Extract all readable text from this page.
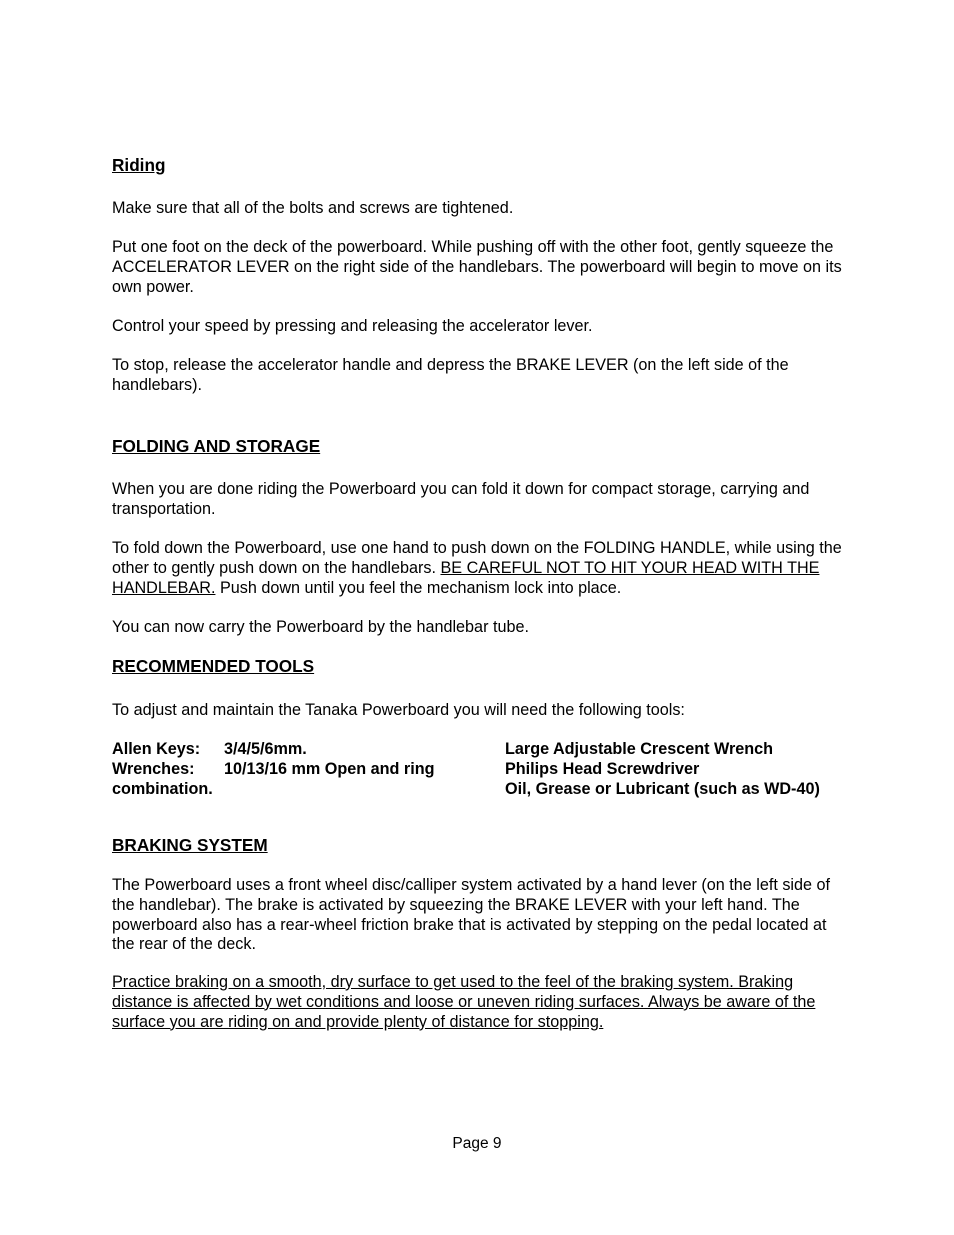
Riding

Make sure that all of the bolts and screws are tightened.

Put one foot on the deck of the powerboard. While pushing off with the other foot, gently squeeze the ACCELERATOR LEVER on the right side of the handlebars. The powerboard will begin to move on its own power.

Control your speed by pressing and releasing the accelerator lever.

To stop, release the accelerator handle and depress the BRAKE LEVER (on the left side of the handlebars).

FOLDING AND STORAGE

When you are done riding the Powerboard you can fold it down for compact storage, carrying and transportation.

To fold down the Powerboard, use one hand to push down on the FOLDING HANDLE, while using the other to gently push down on the handlebars. BE CAREFUL NOT TO HIT YOUR HEAD WITH THE HANDLEBAR. Push down until you feel the mechanism lock into place.

You can now carry the Powerboard by the handlebar tube.

RECOMMENDED TOOLS

To adjust and maintain the Tanaka Powerboard you will need the following tools:

Allen Keys: 3/4/5/6mm.
Wrenches: 10/13/16 mm Open and ring
combination.
Large Adjustable Crescent Wrench
Philips Head Screwdriver
Oil, Grease or Lubricant (such as WD-40)
BRAKING SYSTEM

The Powerboard uses a front wheel disc/calliper system activated by a hand lever (on the left side of the handlebar). The brake is activated by squeezing the BRAKE LEVER with your left hand. The powerboard also has a rear-wheel friction brake that is activated by stepping on the pedal located at the rear of the deck.

Practice braking on a smooth, dry surface to get used to the feel of the braking system. Braking distance is affected by wet conditions and loose or uneven riding surfaces. Always be aware of the surface you are riding on and provide plenty of distance for stopping.

Page 9
